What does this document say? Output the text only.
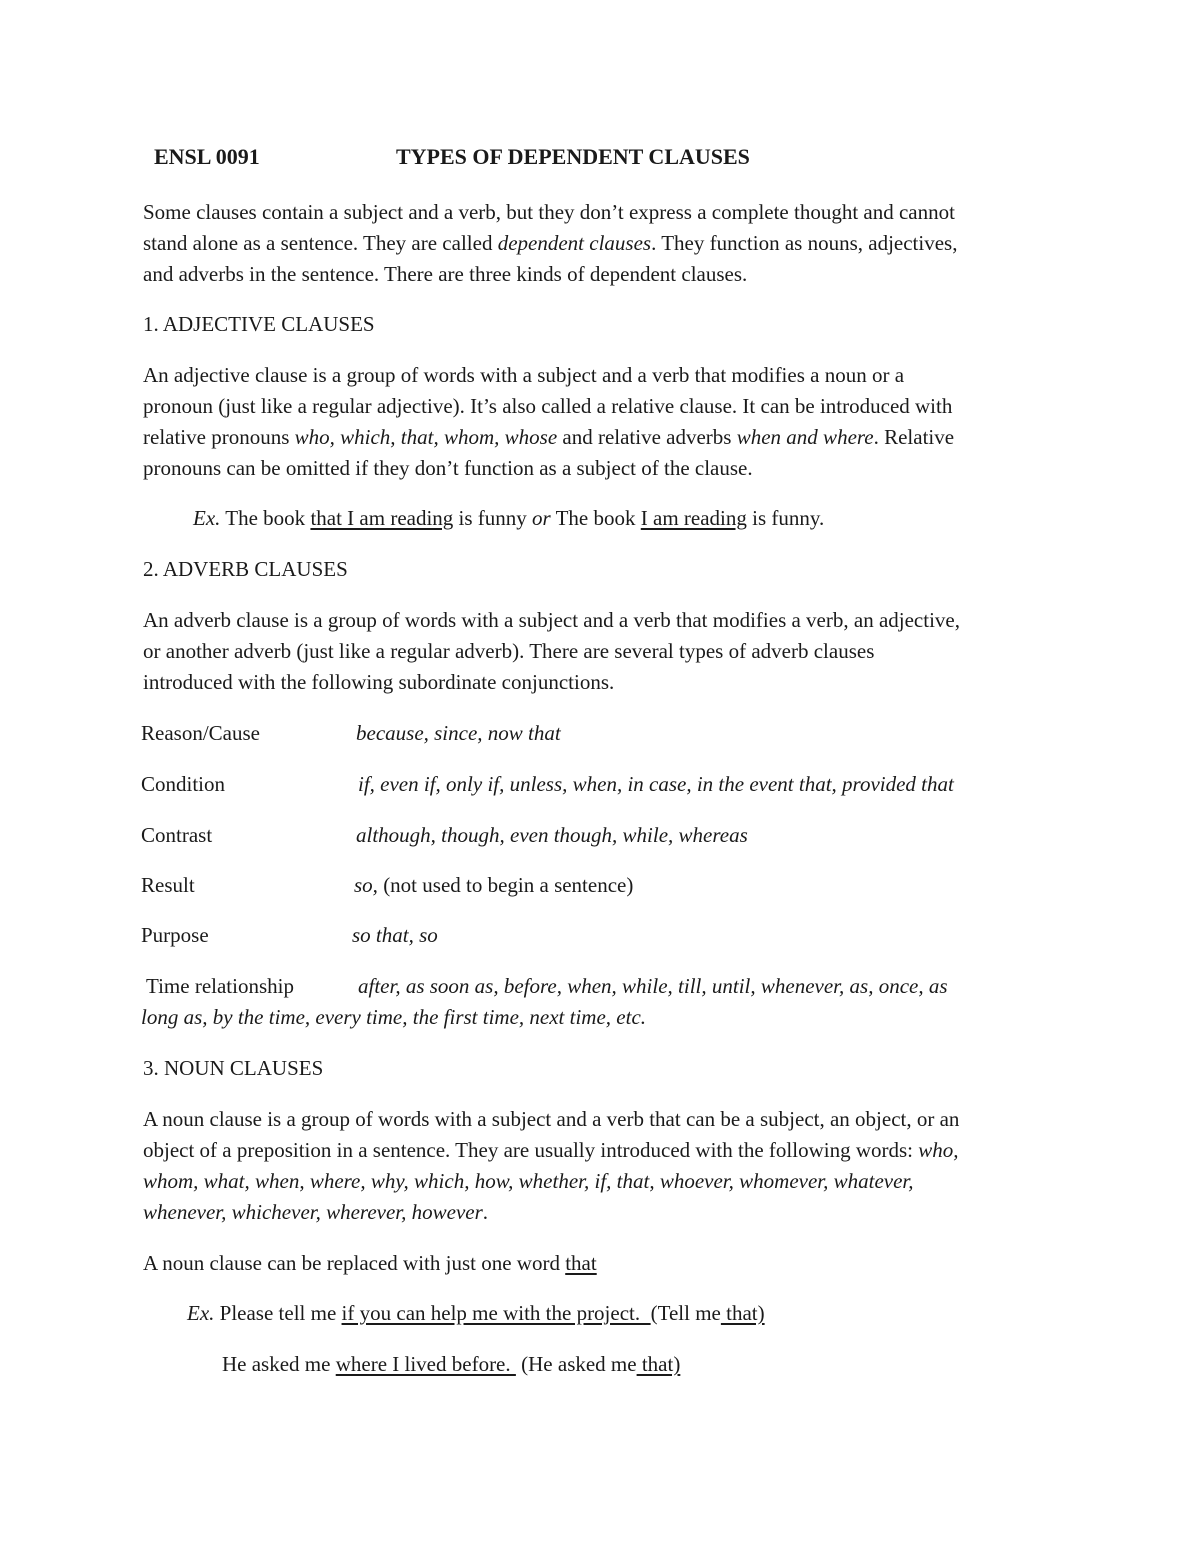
ENSL 0091	TYPES OF DEPENDENT CLAUSES

Some clauses contain a subject and a verb, but they don’t express a complete thought and cannot
stand alone as a sentence. They are called dependent clauses. They function as nouns, adjectives,
and adverbs in the sentence. There are three kinds of dependent clauses.

1. ADJECTIVE CLAUSES

An adjective clause is a group of words with a subject and a verb that modifies a noun or a
pronoun (just like a regular adjective). It’s also called a relative clause. It can be introduced with
relative pronouns who, which, that, whom, whose and relative adverbs when and where. Relative
pronouns can be omitted if they don’t function as a subject of the clause.

Ex. The book that I am reading is funny or The book I am reading is funny.
2. ADVERB CLAUSES

An adverb clause is a group of words with a subject and a verb that modifies a verb, an adjective,
or another adverb (just like a regular adverb). There are several types of adverb clauses
introduced with the following subordinate conjunctions.

Reason/Cause	because, since, now that
Condition	if, even if, only if, unless, when, in case, in the event that, provided that
Contrast	although, though, even though, while, whereas
Result	so, (not used to begin a sentence)
Purpose	so that, so
Time relationship	after, as soon as, before, when, while, till, until, whenever, as, once, as
long as, by the time, every time, the first time, next time, etc.
3. NOUN CLAUSES

A noun clause is a group of words with a subject and a verb that can be a subject, an object, or an
object of a preposition in a sentence. They are usually introduced with the following words: who,
whom, what, when, where, why, which, how, whether, if, that, whoever, whomever, whatever,
whenever, whichever, wherever, however.

A noun clause can be replaced with just one word that
Ex. Please tell me if you can help me with the project.  (Tell me that)
He asked me where I lived before.  (He asked me that)
